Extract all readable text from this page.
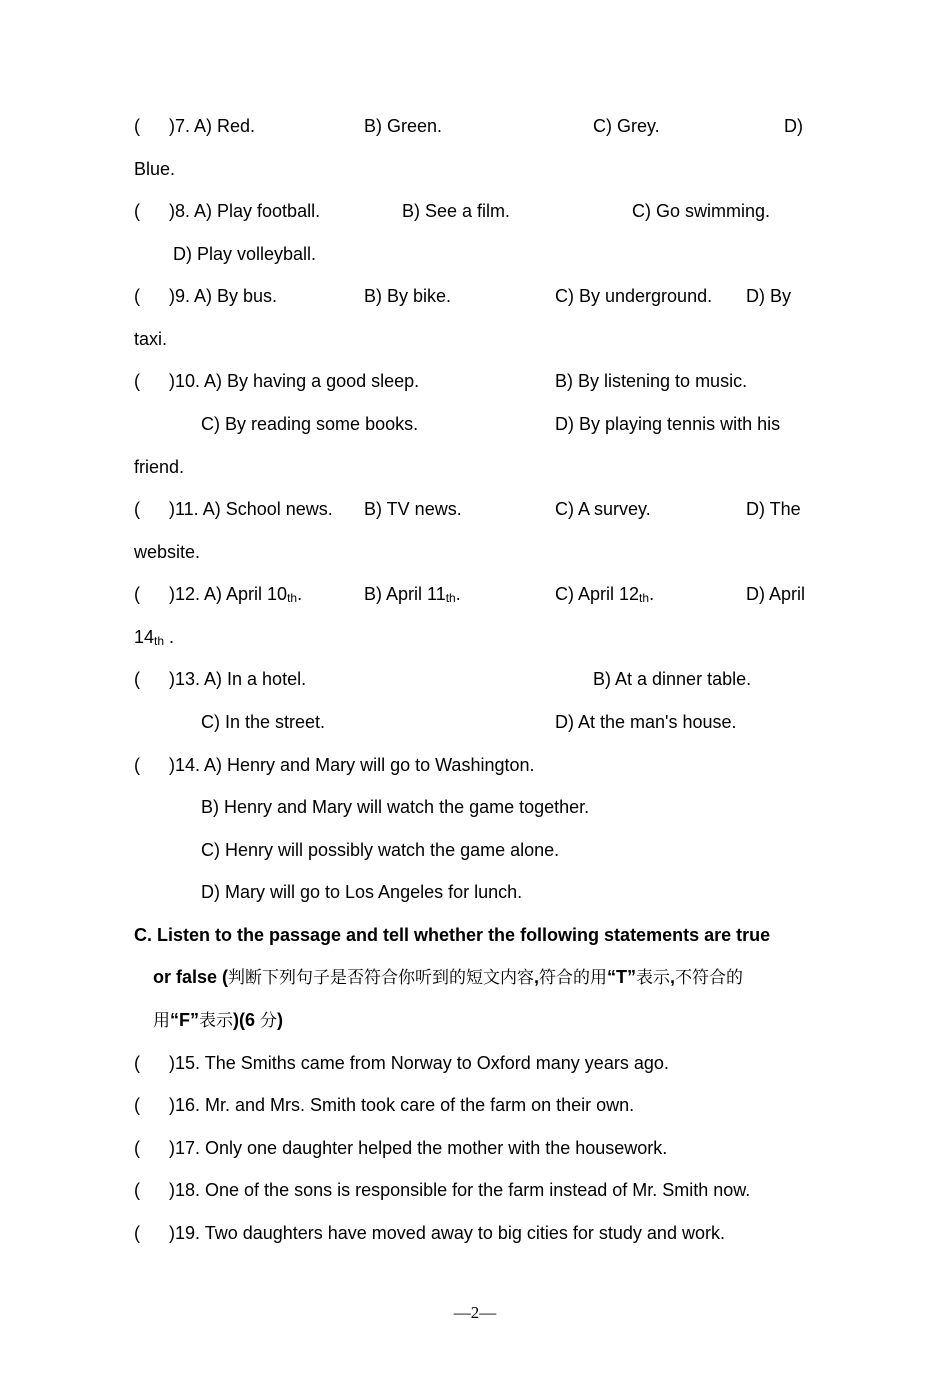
( )7. A) Red.	B) Green.	C) Grey.	D)
Blue.
( )8. A) Play football.	B) See a film.	C) Go swimming.
D) Play volleyball.
( )9. A) By bus.	B) By bike.	C) By underground. D) By
taxi.
( )10. A) By having a good sleep.	B) By listening to music.
C) By reading some books.	D) By playing tennis with his
friend.
( )11. A) School news. B) TV news.	C) A survey.	D) The
website.
( )12. A) April $10_{th}$.	B) April $11_{th}$.	C) April $12_{th}$.	D) April
$14_{th}$ .
( )13. A) In a hotel.	B) At a dinner table.
C) In the street.	D) At the man's house.
( )14. A) Henry and Mary will go to Washington.
B) Henry and Mary will watch the game together.
C) Henry will possibly watch the game alone.
D) Mary will go to Los Angeles for lunch.
C. Listen to the passage and tell whether the following statements are true
or false (判断下列句子是否符合你听到的短文内容,符合的用“T”表示,不符合的
用“F”表示)(6 分)
( )15. The Smiths came from Norway to Oxford many years ago.
( )16. Mr. and Mrs. Smith took care of the farm on their own.
( )17. Only one daughter helped the mother with the housework.
( )18. One of the sons is responsible for the farm instead of Mr. Smith now.
( )19. Two daughters have moved away to big cities for study and work.
—2—
